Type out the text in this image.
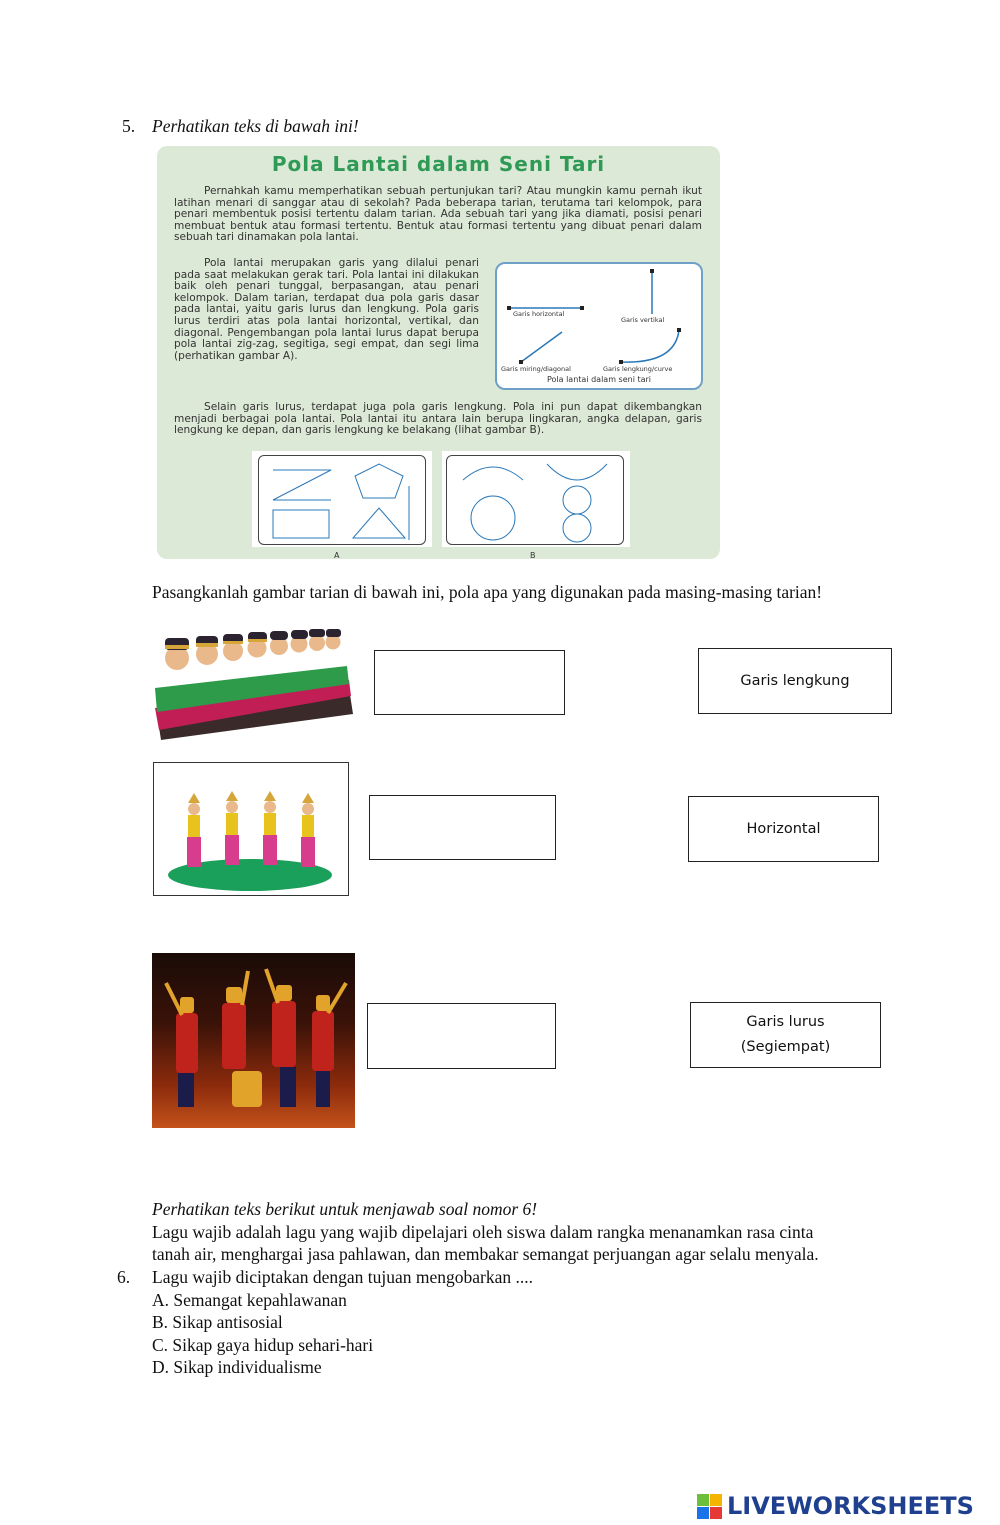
5. Perhatikan teks di bawah ini!
Pola Lantai dalam Seni Tari
Pernahkah kamu memperhatikan sebuah pertunjukan tari? Atau mungkin kamu pernah ikut latihan menari di sanggar atau di sekolah? Pada beberapa tarian, terutama tari kelompok, para penari membentuk posisi tertentu dalam tarian. Ada sebuah tari yang jika diamati, posisi penari membuat bentuk atau formasi tertentu. Bentuk atau formasi tertentu yang dibuat penari dalam sebuah tari dinamakan pola lantai.
Pola lantai merupakan garis yang dilalui penari pada saat melakukan gerak tari. Pola lantai ini dilakukan baik oleh penari tunggal, berpasangan, atau penari kelompok. Dalam tarian, terdapat dua pola garis dasar pada lantai, yaitu garis lurus dan lengkung. Pola garis lurus terdiri atas pola lantai horizontal, vertikal, dan diagonal. Pengembangan pola lantai lurus dapat berupa pola lantai zig-zag, segitiga, segi empat, dan segi lima (perhatikan gambar A).
Selain garis lurus, terdapat juga pola garis lengkung. Pola ini pun dapat dikembangkan menjadi berbagai pola lantai. Pola lantai itu antara lain berupa lingkaran, angka delapan, garis lengkung ke depan, dan garis lengkung ke belakang (lihat gambar B).
Garis horizontal
Garis vertikal
Garis miring/diagonal	Garis lengkung/curve
Pola lantai dalam seni tari
A	B
Pasangkanlah gambar tarian di bawah ini, pola apa yang digunakan pada masing-masing tarian!
Garis lengkung
Horizontal
Garis lurus
(Segiempat)
Perhatikan teks berikut untuk menjawab soal nomor 6!
Lagu wajib adalah lagu yang wajib dipelajari oleh siswa dalam rangka menanamkan rasa cinta
tanah air, menghargai jasa pahlawan, dan membakar semangat perjuangan agar selalu menyala.
6. Lagu wajib diciptakan dengan tujuan mengobarkan ....
A. Semangat kepahlawanan
B. Sikap antisosial
C. Sikap gaya hidup sehari-hari
D. Sikap individualisme
LIVEWORKSHEETS
